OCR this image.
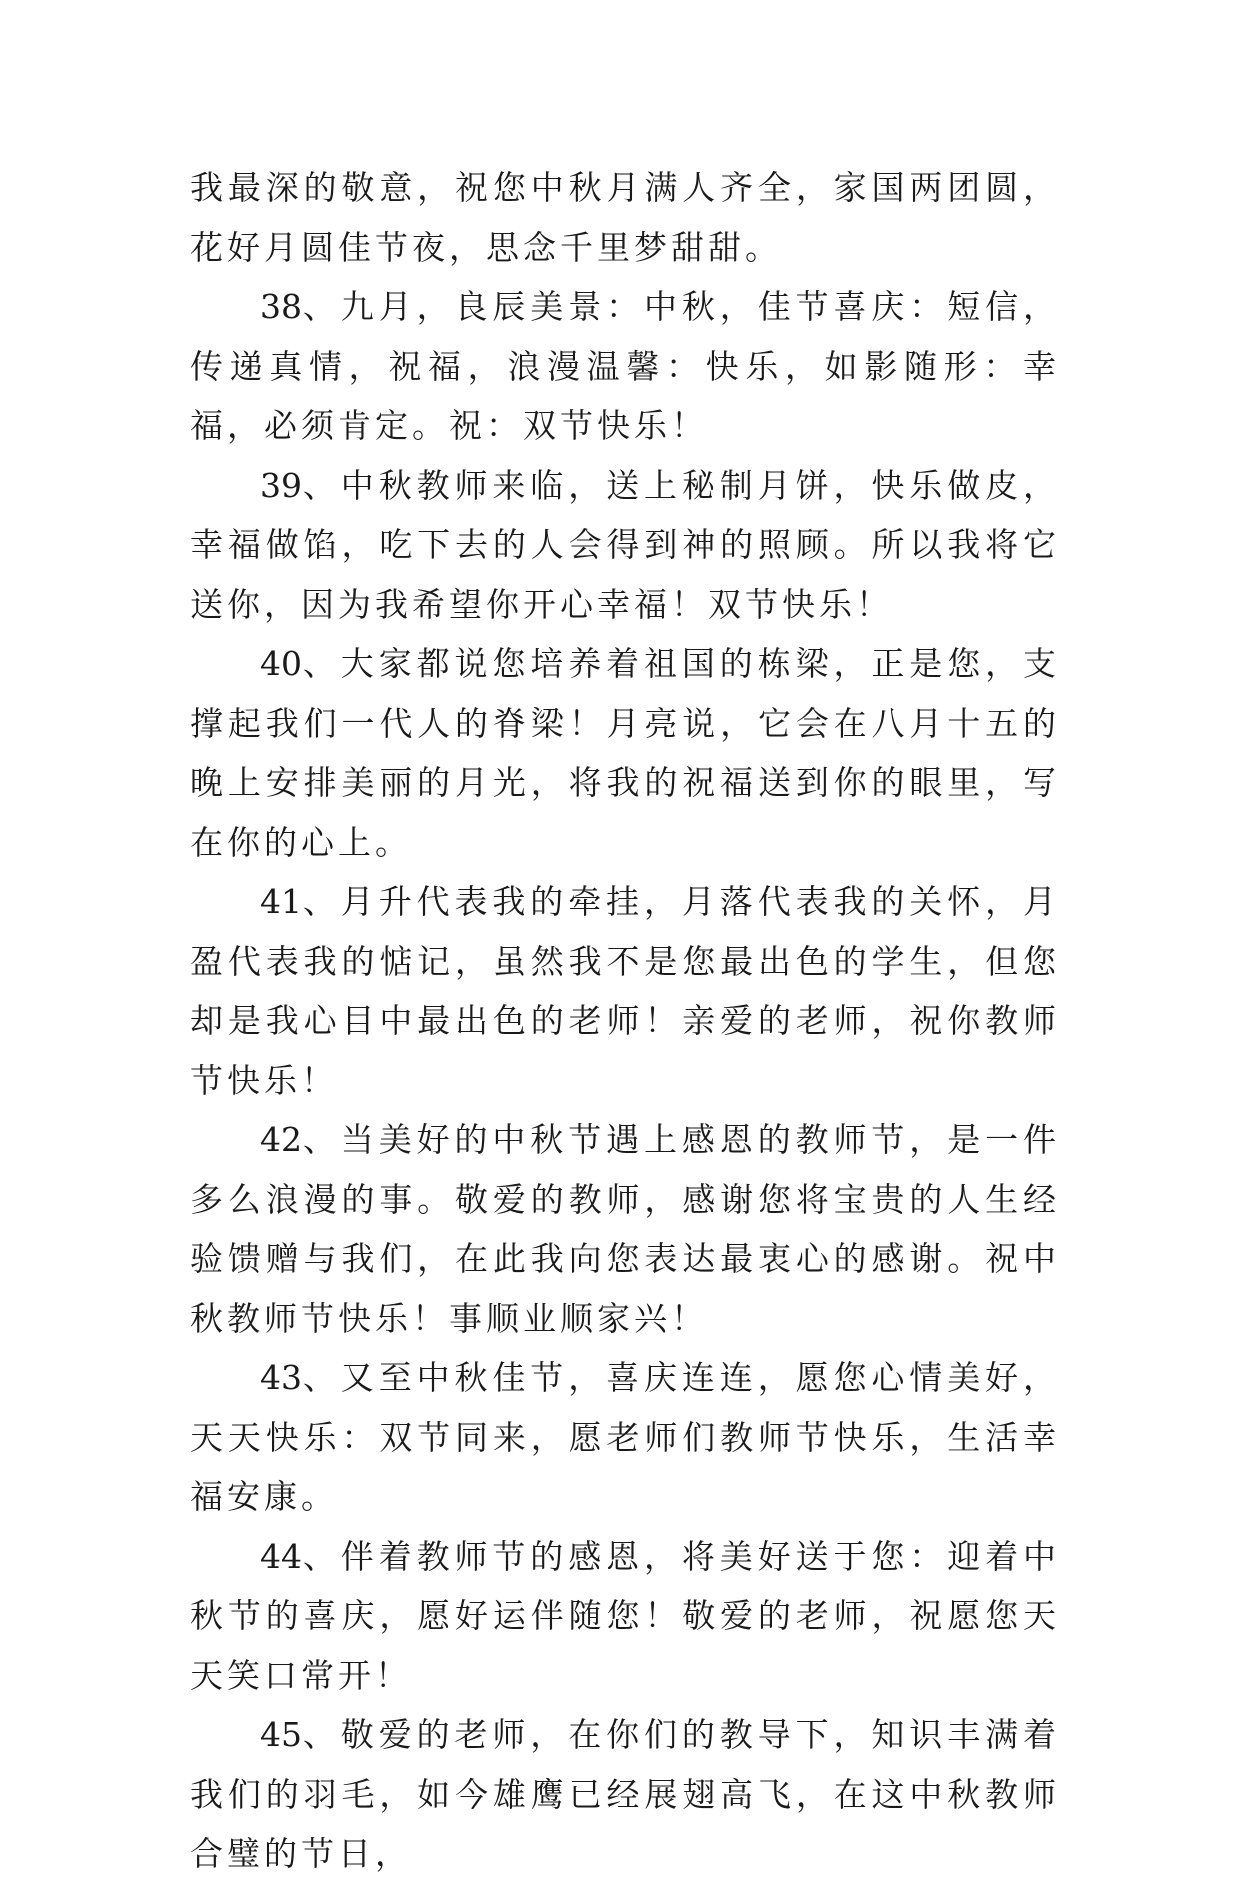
我最深的敬意，祝您中秋月满人齐全，家国两团圆，花好月圆佳节夜，思念千里梦甜甜。

38、九月，良辰美景：中秋，佳节喜庆：短信，传递真情，祝福，浪漫温馨：快乐，如影随形：幸福，必须肯定。祝：双节快乐！

39、中秋教师来临，送上秘制月饼，快乐做皮，幸福做馅，吃下去的人会得到神的照顾。所以我将它送你，因为我希望你开心幸福！双节快乐！

40、大家都说您培养着祖国的栋梁，正是您，支撑起我们一代人的脊梁！月亮说，它会在八月十五的晚上安排美丽的月光，将我的祝福送到你的眼里，写在你的心上。

41、月升代表我的牵挂，月落代表我的关怀，月盈代表我的惦记，虽然我不是您最出色的学生，但您却是我心目中最出色的老师！亲爱的老师，祝你教师节快乐！

42、当美好的中秋节遇上感恩的教师节，是一件多么浪漫的事。敬爱的教师，感谢您将宝贵的人生经验馈赠与我们，在此我向您表达最衷心的感谢。祝中秋教师节快乐！事顺业顺家兴！

43、又至中秋佳节，喜庆连连，愿您心情美好，天天快乐：双节同来，愿老师们教师节快乐，生活幸福安康。

44、伴着教师节的感恩，将美好送于您：迎着中秋节的喜庆，愿好运伴随您！敬爱的老师，祝愿您天天笑口常开！

45、敬爱的老师，在你们的教导下，知识丰满着我们的羽毛，如今雄鹰已经展翅高飞，在这中秋教师合璧的节日，
